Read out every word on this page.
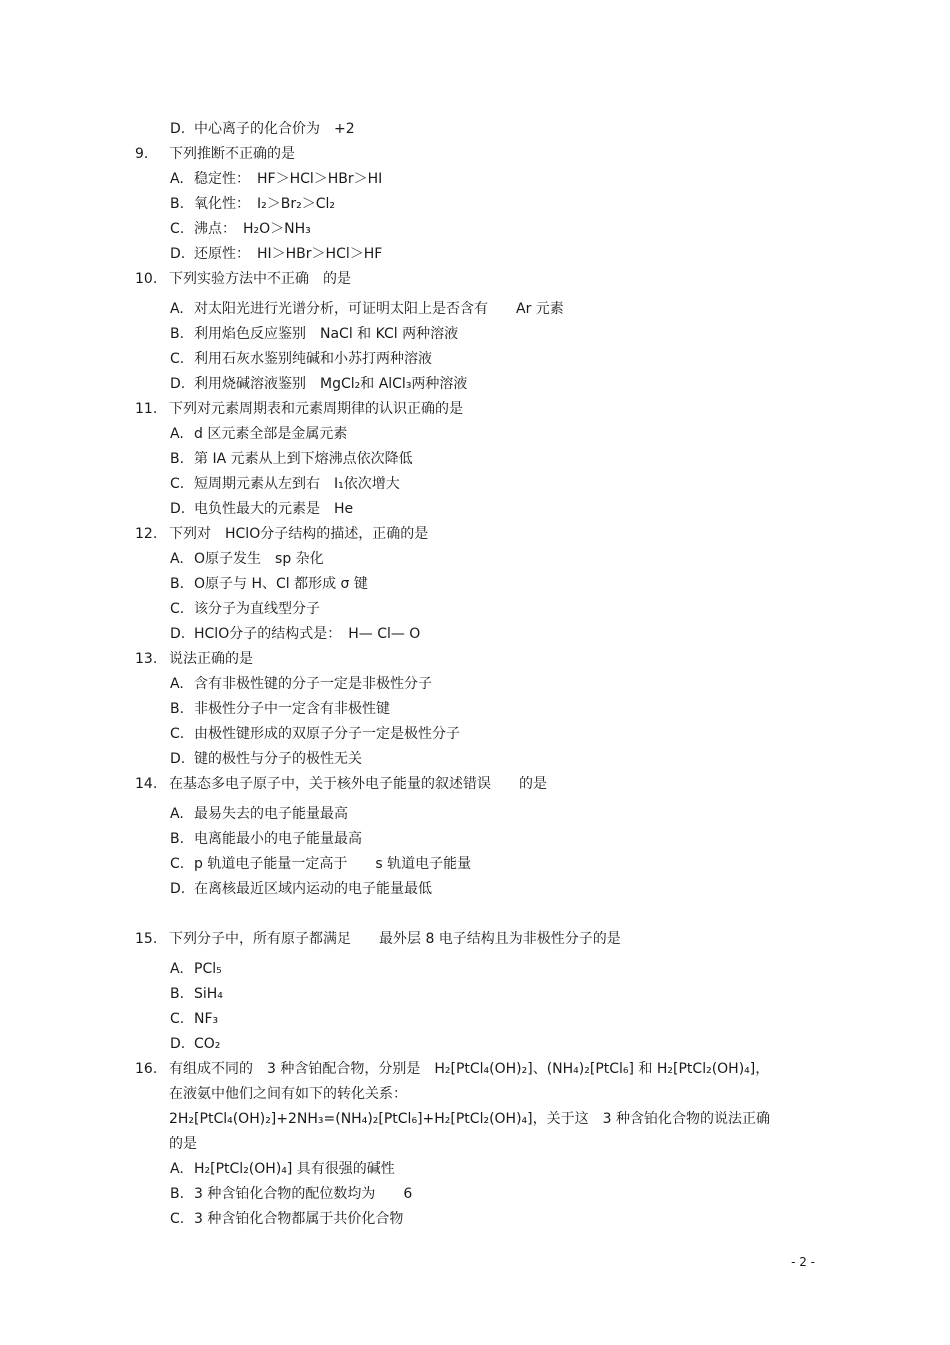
D. 中心离子的化合价为　+2
9. 下列推断不正确的是
A. 稳定性：　HF＞HCl＞HBr＞HI
B. 氧化性：　I₂＞Br₂＞Cl₂
C. 沸点：　H₂O＞NH₃
D. 还原性：　HI＞HBr＞HCl＞HF
10. 下列实验方法中不正确　的是
A. 对太阳光进行光谱分析，可证明太阳上是否含有　　Ar 元素
B. 利用焰色反应鉴别　NaCl 和 KCl 两种溶液
C. 利用石灰水鉴别纯碱和小苏打两种溶液
D. 利用烧碱溶液鉴别　MgCl₂和 AlCl₃两种溶液
11. 下列对元素周期表和元素周期律的认识正确的是
A. d 区元素全部是金属元素
B. 第 IA 元素从上到下熔沸点依次降低
C. 短周期元素从左到右　I₁依次增大
D. 电负性最大的元素是　He
12. 下列对　HClO分子结构的描述，正确的是
A. O原子发生　sp 杂化
B. O原子与 H、Cl 都形成 σ 键
C. 该分子为直线型分子
D. HClO分子的结构式是：　H— Cl— O
13. 说法正确的是
A. 含有非极性键的分子一定是非极性分子
B. 非极性分子中一定含有非极性键
C. 由极性键形成的双原子分子一定是极性分子
D. 键的极性与分子的极性无关
14. 在基态多电子原子中，关于核外电子能量的叙述错误　　的是
A. 最易失去的电子能量最高
B. 电离能最小的电子能量最高
C. p 轨道电子能量一定高于　　s 轨道电子能量
D. 在离核最近区域内运动的电子能量最低
15. 下列分子中，所有原子都满足　　最外层 8 电子结构且为非极性分子的是
A. PCl₅
B. SiH₄
C. NF₃
D. CO₂
16. 有组成不同的　3 种含铂配合物，分别是　H₂[PtCl₄(OH)₂]、(NH₄)₂[PtCl₆] 和 H₂[PtCl₂(OH)₄]，
在液氨中他们之间有如下的转化关系：
2H₂[PtCl₄(OH)₂]+2NH₃=(NH₄)₂[PtCl₆]+H₂[PtCl₂(OH)₄]，关于这　3 种含铂化合物的说法正确
的是
A. H₂[PtCl₂(OH)₄] 具有很强的碱性
B. 3 种含铂化合物的配位数均为　　6
C. 3 种含铂化合物都属于共价化合物
- 2 -
